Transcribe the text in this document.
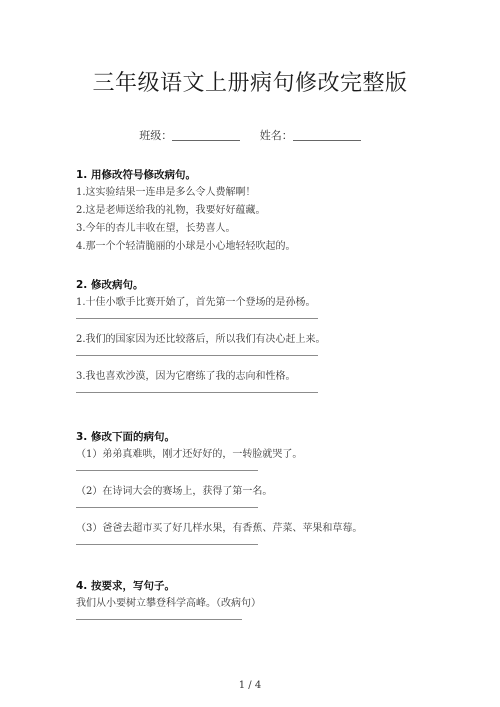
三年级语文上册病句修改完整版
班级：	姓名：
1. 用修改符号修改病句。
1.这实验结果一连串是多么令人费解啊！
2.这是老师送给我的礼物，我要好好蕴藏。
3.今年的杏儿丰收在望，长势喜人。
4.那一个个轻清脆丽的小球是小心地轻轻吹起的。
2. 修改病句。
1.十佳小歌手比赛开始了，首先第一个登场的是孙杨。
2.我们的国家因为还比较落后，所以我们有决心赶上来。
3.我也喜欢沙漠，因为它磨练了我的志向和性格。
3. 修改下面的病句。
（1）弟弟真难哄，刚才还好好的，一转脸就哭了。
（2）在诗词大会的赛场上，获得了第一名。
（3）爸爸去超市买了好几样水果，有香蕉、芹菜、苹果和草莓。
4. 按要求，写句子。
我们从小要树立攀登科学高峰。（改病句）
1 / 4
